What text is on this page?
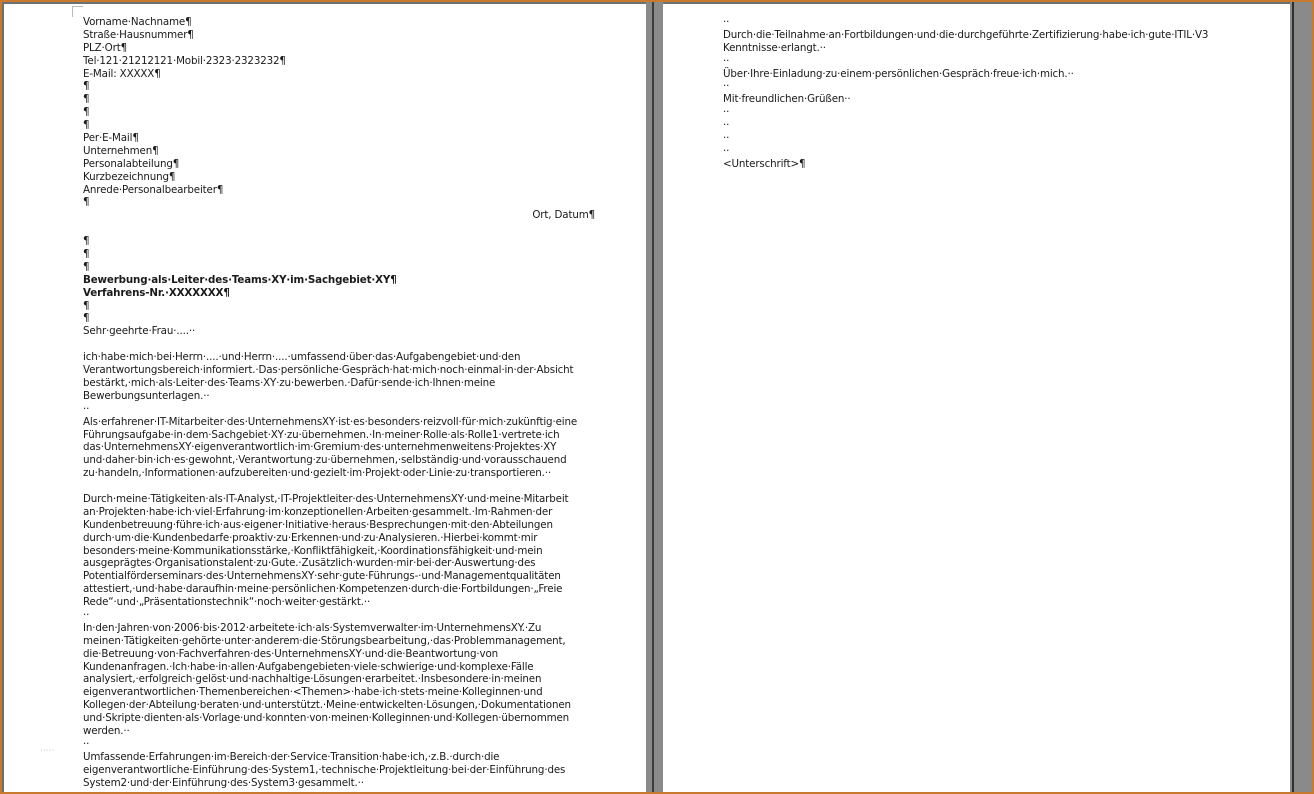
Vorname·Nachname¶
Straße·Hausnummer¶
PLZ·Ort¶
Tel·121·21212121·Mobil·2323·2323232¶
E-Mail: XXXXX¶
¶
¶
¶
¶
Per·E-Mail¶
Unternehmen¶
Personalabteilung¶
Kurzbezeichnung¶
Anrede·Personalbearbeiter¶
¶
Ort, Datum¶
¶
¶
¶
Bewerbung·als·Leiter·des·Teams·XY·im·Sachgebiet·XY¶
Verfahrens-Nr.·XXXXXXX¶
¶
¶
Sehr·geehrte·Frau·....··
ich·habe·mich·bei·Herrn·....·und·Herrn·....·umfassend·über·das·Aufgabengebiet·und·den
Verantwortungsbereich·informiert.·Das·persönliche·Gespräch·hat·mich·noch·einmal·in·der·Absicht
bestärkt,·mich·als·Leiter·des·Teams·XY·zu·bewerben.·Dafür·sende·ich·Ihnen·meine
Bewerbungsunterlagen.··
··
Als·erfahrener·IT-Mitarbeiter·des·UnternehmensXY·ist·es·besonders·reizvoll·für·mich·zukünftig·eine
Führungsaufgabe·in·dem·Sachgebiet·XY·zu·übernehmen.·In·meiner·Rolle·als·Rolle1·vertrete·ich
das·UnternehmensXY·eigenverantwortlich·im·Gremium·des·unternehmenweitens·Projektes·XY
und·daher·bin·ich·es·gewohnt,·Verantwortung·zu·übernehmen,·selbständig·und·vorausschauend
zu·handeln,·Informationen·aufzubereiten·und·gezielt·im·Projekt·oder·Linie·zu·transportieren.··
Durch·meine·Tätigkeiten·als·IT-Analyst,·IT-Projektleiter·des·UnternehmensXY·und·meine·Mitarbeit
an·Projekten·habe·ich·viel·Erfahrung·im·konzeptionellen·Arbeiten·gesammelt.·Im·Rahmen·der
Kundenbetreuung·führe·ich·aus·eigener·Initiative·heraus·Besprechungen·mit·den·Abteilungen
durch·um·die·Kundenbedarfe·proaktiv·zu·Erkennen·und·zu·Analysieren.·Hierbei·kommt·mir
besonders·meine·Kommunikationsstärke,·Konfliktfähigkeit,·Koordinationsfähigkeit·und·mein
ausgeprägtes·Organisationstalent·zu·Gute.·Zusätzlich·wurden·mir·bei·der·Auswertung·des
Potentialförderseminars·des·UnternehmensXY·sehr·gute·Führungs-·und·Managementqualitäten
attestiert,·und·habe·daraufhin·meine·persönlichen·Kompetenzen·durch·die·Fortbildungen·„Freie
Rede“·und·„Präsentationstechnik“·noch·weiter·gestärkt.··
··
In·den·Jahren·von·2006·bis·2012·arbeitete·ich·als·Systemverwalter·im·UnternehmensXY.·Zu
meinen·Tätigkeiten·gehörte·unter·anderem·die·Störungsbearbeitung,·das·Problemmanagement,
die·Betreuung·von·Fachverfahren·des·UnternehmensXY·und·die·Beantwortung·von
Kundenanfragen.·Ich·habe·in·allen·Aufgabengebieten·viele·schwierige·und·komplexe·Fälle
analysiert,·erfolgreich·gelöst·und·nachhaltige·Lösungen·erarbeitet.·Insbesondere·in·meinen
eigenverantwortlichen·Themenbereichen·<Themen>·habe·ich·stets·meine·Kolleginnen·und
Kollegen·der·Abteilung·beraten·und·unterstützt.·Meine·entwickelten·Lösungen,·Dokumentationen
und·Skripte·dienten·als·Vorlage·und·konnten·von·meinen·Kolleginnen·und·Kollegen·übernommen
werden.··
··
Umfassende·Erfahrungen·im·Bereich·der·Service·Transition·habe·ich,·z.B.·durch·die
eigenverantwortliche·Einführung·des·System1,·technische·Projektleitung·bei·der·Einführung·des
System2·und·der·Einführung·des·System3·gesammelt.··
·····
··
Durch·die·Teilnahme·an·Fortbildungen·und·die·durchgeführte·Zertifizierung·habe·ich·gute·ITIL·V3
Kenntnisse·erlangt.··
··
Über·Ihre·Einladung·zu·einem·persönlichen·Gespräch·freue·ich·mich.··
··
Mit·freundlichen·Grüßen··
··
··
··
··
<Unterschrift>¶
